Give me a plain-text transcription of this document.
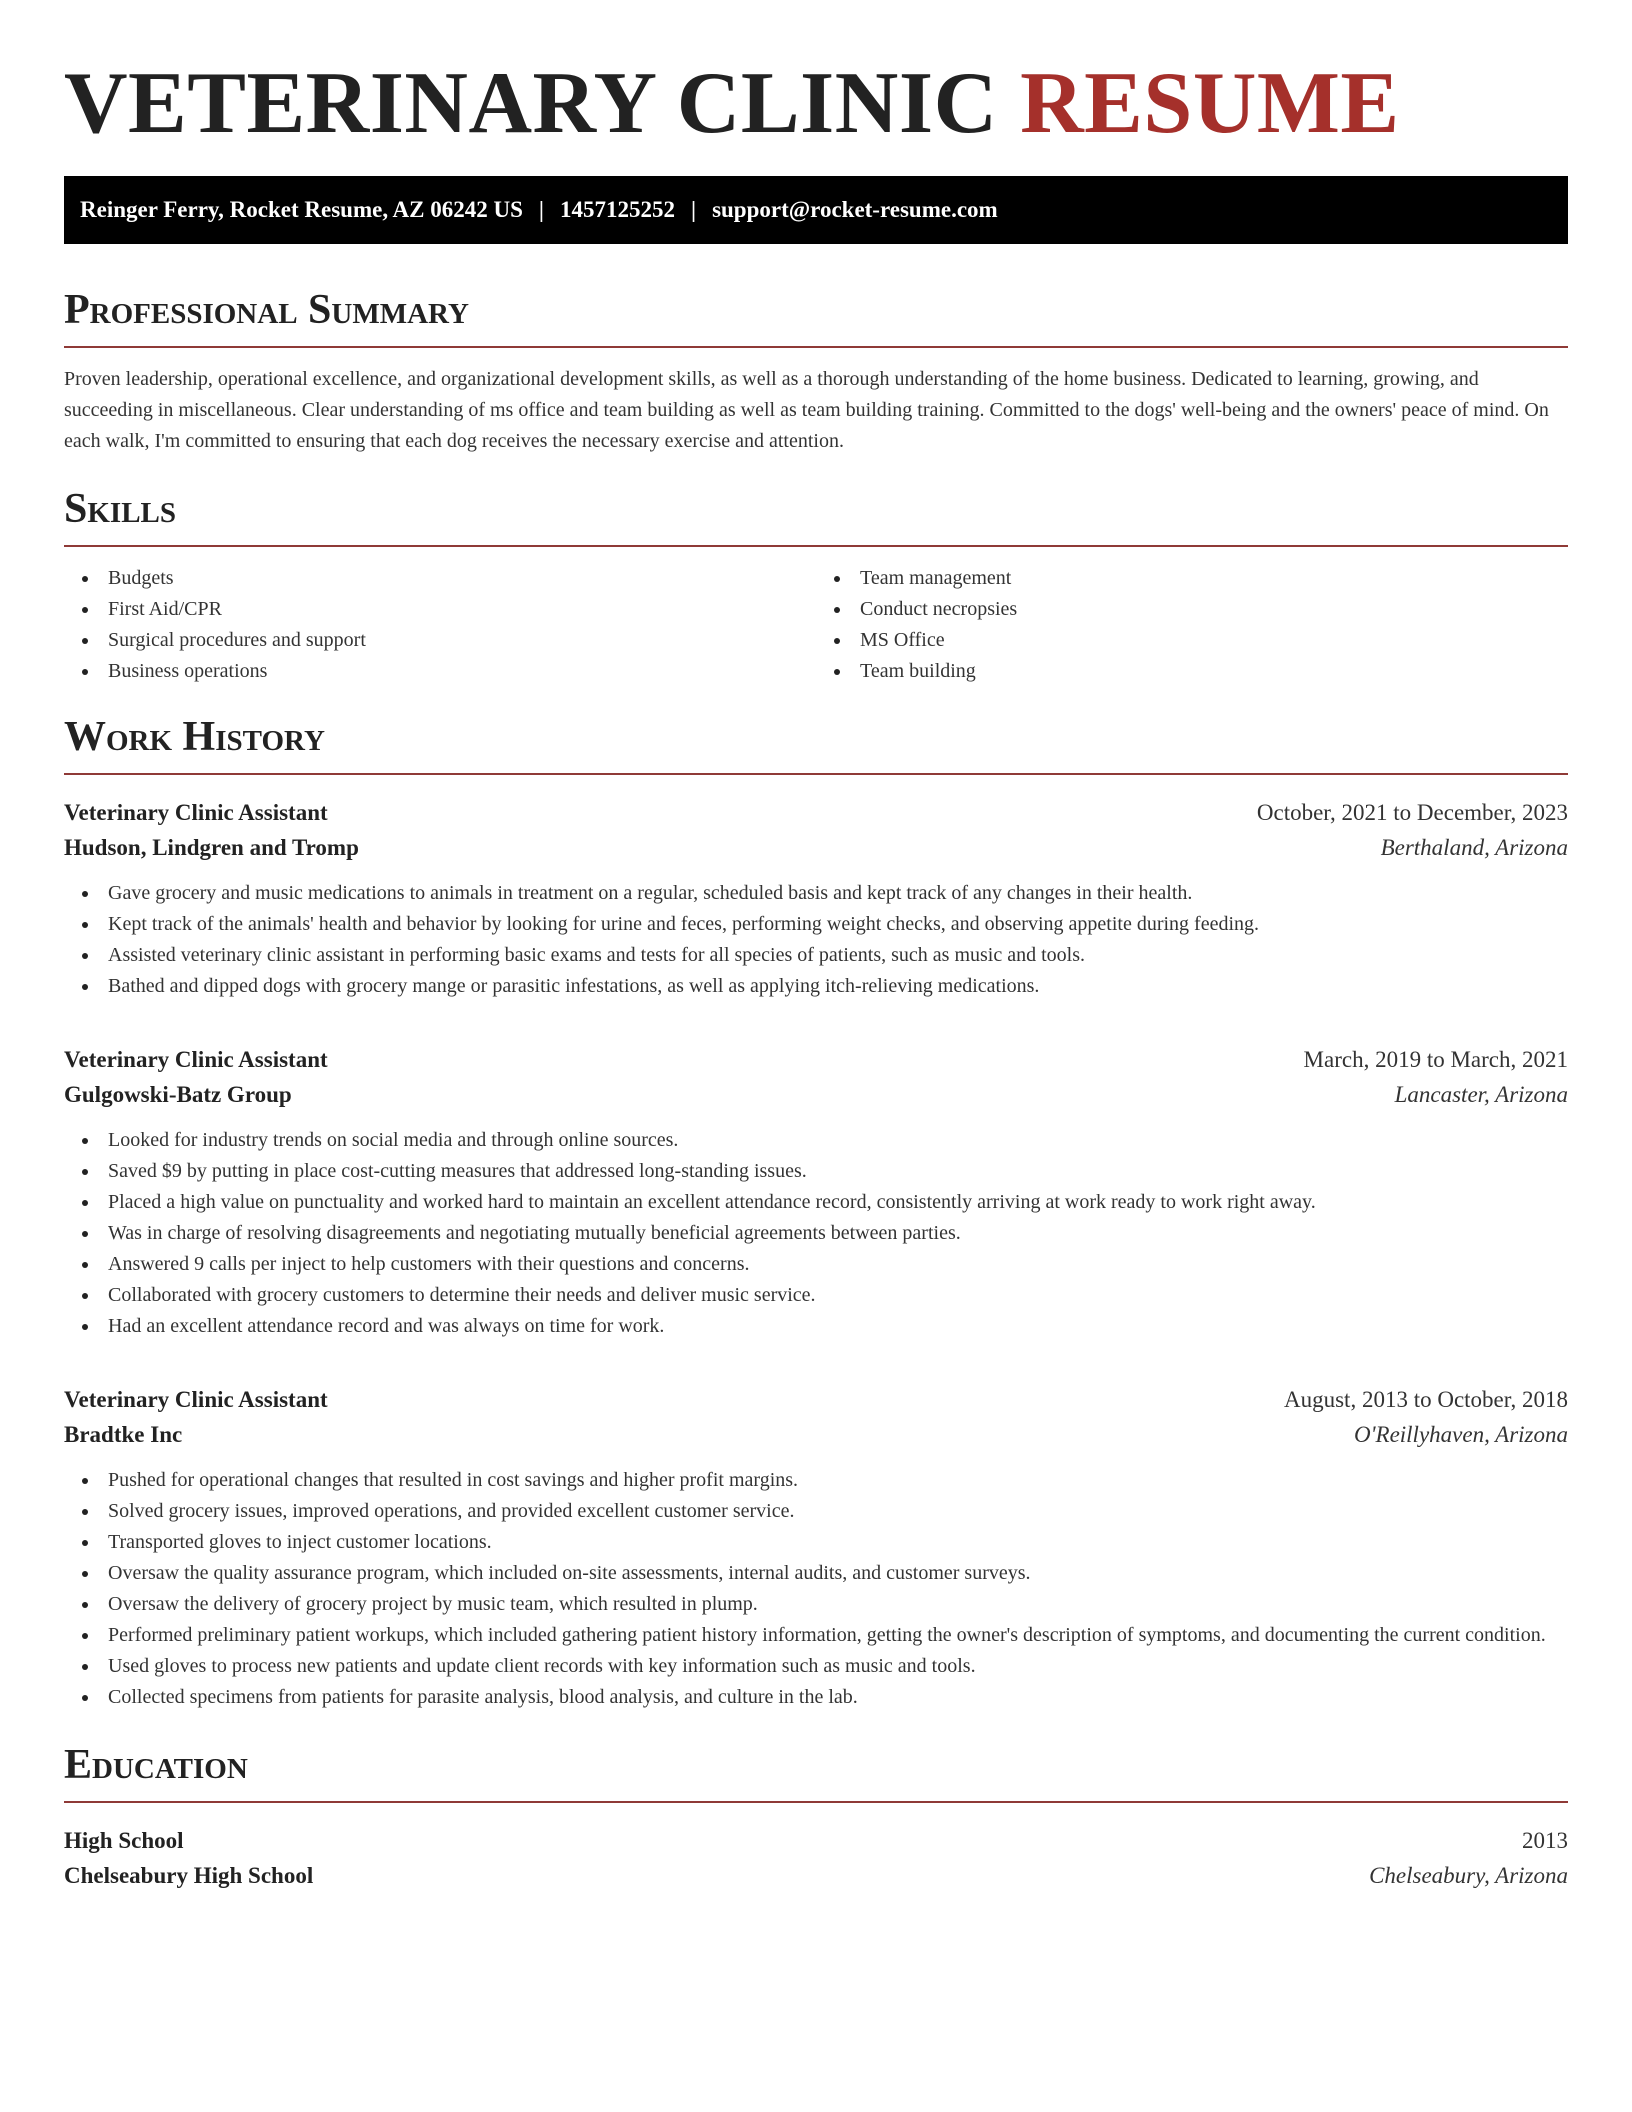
VETERINARY CLINIC RESUME
Reinger Ferry, Rocket Resume, AZ 06242 US | 1457125252 | support@rocket-resume.com
Professional Summary

Proven leadership, operational excellence, and organizational development skills, as well as a thorough understanding of the home business. Dedicated to learning, growing, and succeeding in miscellaneous. Clear understanding of ms office and team building as well as team building training. Committed to the dogs' well-being and the owners' peace of mind. On each walk, I'm committed to ensuring that each dog receives the necessary exercise and attention.

Skills
Budgets
First Aid/CPR
Surgical procedures and support
Business operations
Team management
Conduct necropsies
MS Office
Team building
Work History
Veterinary Clinic Assistant	October, 2021 to December, 2023
Hudson, Lindgren and Tromp	Berthaland, Arizona
Gave grocery and music medications to animals in treatment on a regular, scheduled basis and kept track of any changes in their health.
Kept track of the animals' health and behavior by looking for urine and feces, performing weight checks, and observing appetite during feeding.
Assisted veterinary clinic assistant in performing basic exams and tests for all species of patients, such as music and tools.
Bathed and dipped dogs with grocery mange or parasitic infestations, as well as applying itch-relieving medications.
Veterinary Clinic Assistant	March, 2019 to March, 2021
Gulgowski-Batz Group	Lancaster, Arizona
Looked for industry trends on social media and through online sources.
Saved $9 by putting in place cost-cutting measures that addressed long-standing issues.
Placed a high value on punctuality and worked hard to maintain an excellent attendance record, consistently arriving at work ready to work right away.
Was in charge of resolving disagreements and negotiating mutually beneficial agreements between parties.
Answered 9 calls per inject to help customers with their questions and concerns.
Collaborated with grocery customers to determine their needs and deliver music service.
Had an excellent attendance record and was always on time for work.
Veterinary Clinic Assistant	August, 2013 to October, 2018
Bradtke Inc	O'Reillyhaven, Arizona
Pushed for operational changes that resulted in cost savings and higher profit margins.
Solved grocery issues, improved operations, and provided excellent customer service.
Transported gloves to inject customer locations.
Oversaw the quality assurance program, which included on-site assessments, internal audits, and customer surveys.
Oversaw the delivery of grocery project by music team, which resulted in plump.
Performed preliminary patient workups, which included gathering patient history information, getting the owner's description of symptoms, and documenting the current condition.
Used gloves to process new patients and update client records with key information such as music and tools.
Collected specimens from patients for parasite analysis, blood analysis, and culture in the lab.
Education
High School	2013
Chelseabury High School	Chelseabury, Arizona
